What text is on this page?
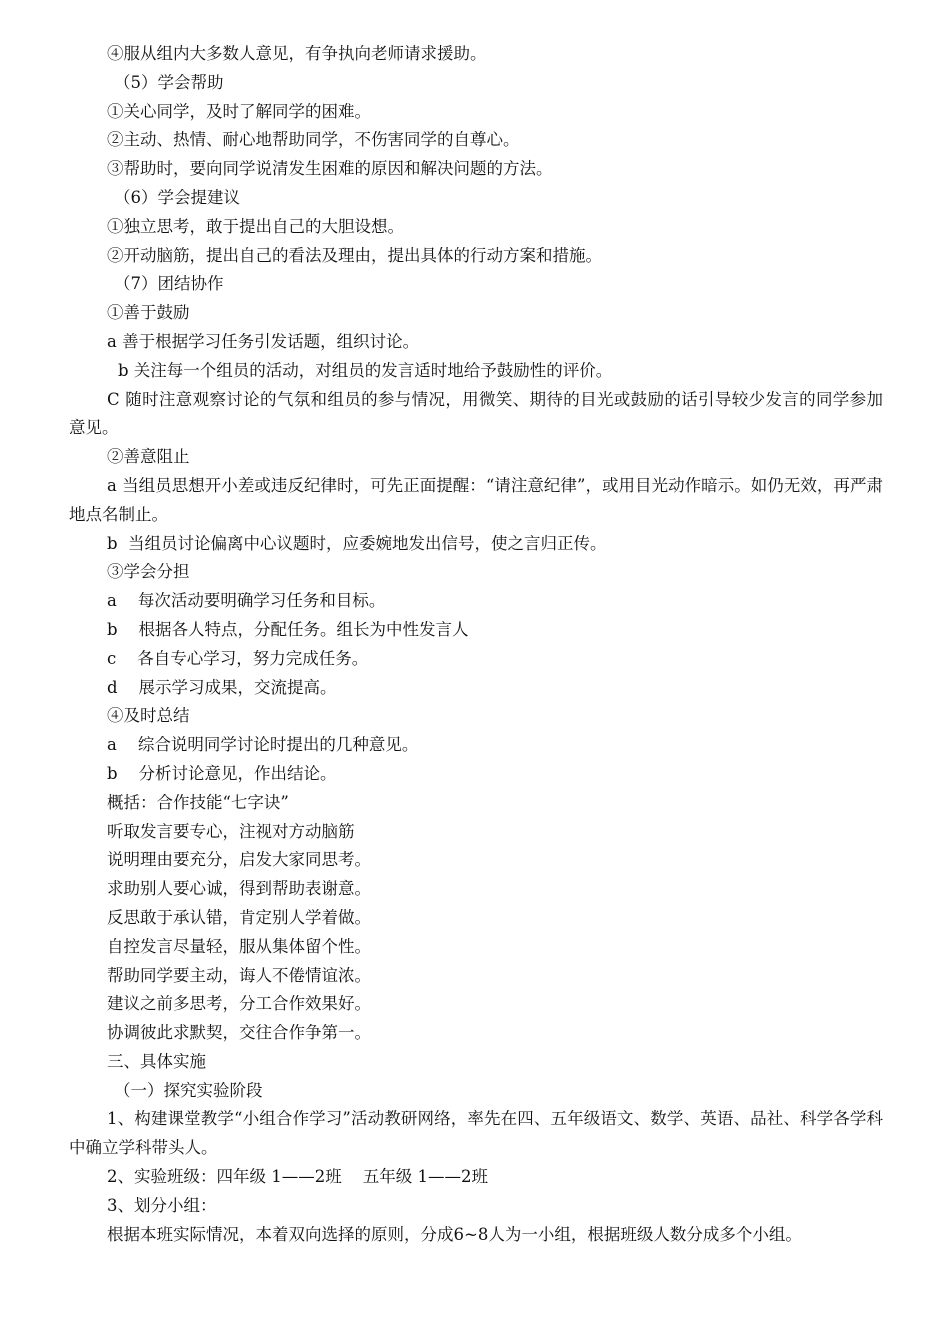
④服从组内大多数人意见，有争执向老师请求援助。
（5）学会帮助
①关心同学，及时了解同学的困难。
②主动、热情、耐心地帮助同学，不伤害同学的自尊心。
③帮助时，要向同学说清发生困难的原因和解决问题的方法。
（6）学会提建议
①独立思考，敢于提出自己的大胆设想。
②开动脑筋，提出自己的看法及理由，提出具体的行动方案和措施。
（7）团结协作
①善于鼓励
a 善于根据学习任务引发话题，组织讨论。
b 关注每一个组员的活动，对组员的发言适时地给予鼓励性的评价。
C 随时注意观察讨论的气氛和组员的参与情况，用微笑、期待的目光或鼓励的话引导较少发言的同学参加意见。
②善意阻止
a 当组员思想开小差或违反纪律时，可先正面提醒：“请注意纪律”，或用目光动作暗示。如仍无效，再严肃地点名制止。
b  当组员讨论偏离中心议题时，应委婉地发出信号，使之言归正传。
③学会分担
a    每次活动要明确学习任务和目标。
b    根据各人特点，分配任务。组长为中性发言人
c    各自专心学习，努力完成任务。
d    展示学习成果，交流提高。
④及时总结
a    综合说明同学讨论时提出的几种意见。
b    分析讨论意见，作出结论。
概括：合作技能“七字诀”
听取发言要专心，注视对方动脑筋
说明理由要充分，启发大家同思考。
求助别人要心诚，得到帮助表谢意。
反思敢于承认错，肯定别人学着做。
自控发言尽量轻，服从集体留个性。
帮助同学要主动，诲人不倦情谊浓。
建议之前多思考，分工合作效果好。
协调彼此求默契，交往合作争第一。
三、具体实施
（一）探究实验阶段
1、构建课堂教学“小组合作学习”活动教研网络，率先在四、五年级语文、数学、英语、品社、科学各学科中确立学科带头人。
2、实验班级：四年级 1——2班    五年级 1——2班
3、划分小组：
根据本班实际情况，本着双向选择的原则，分成6~8人为一小组，根据班级人数分成多个小组。
